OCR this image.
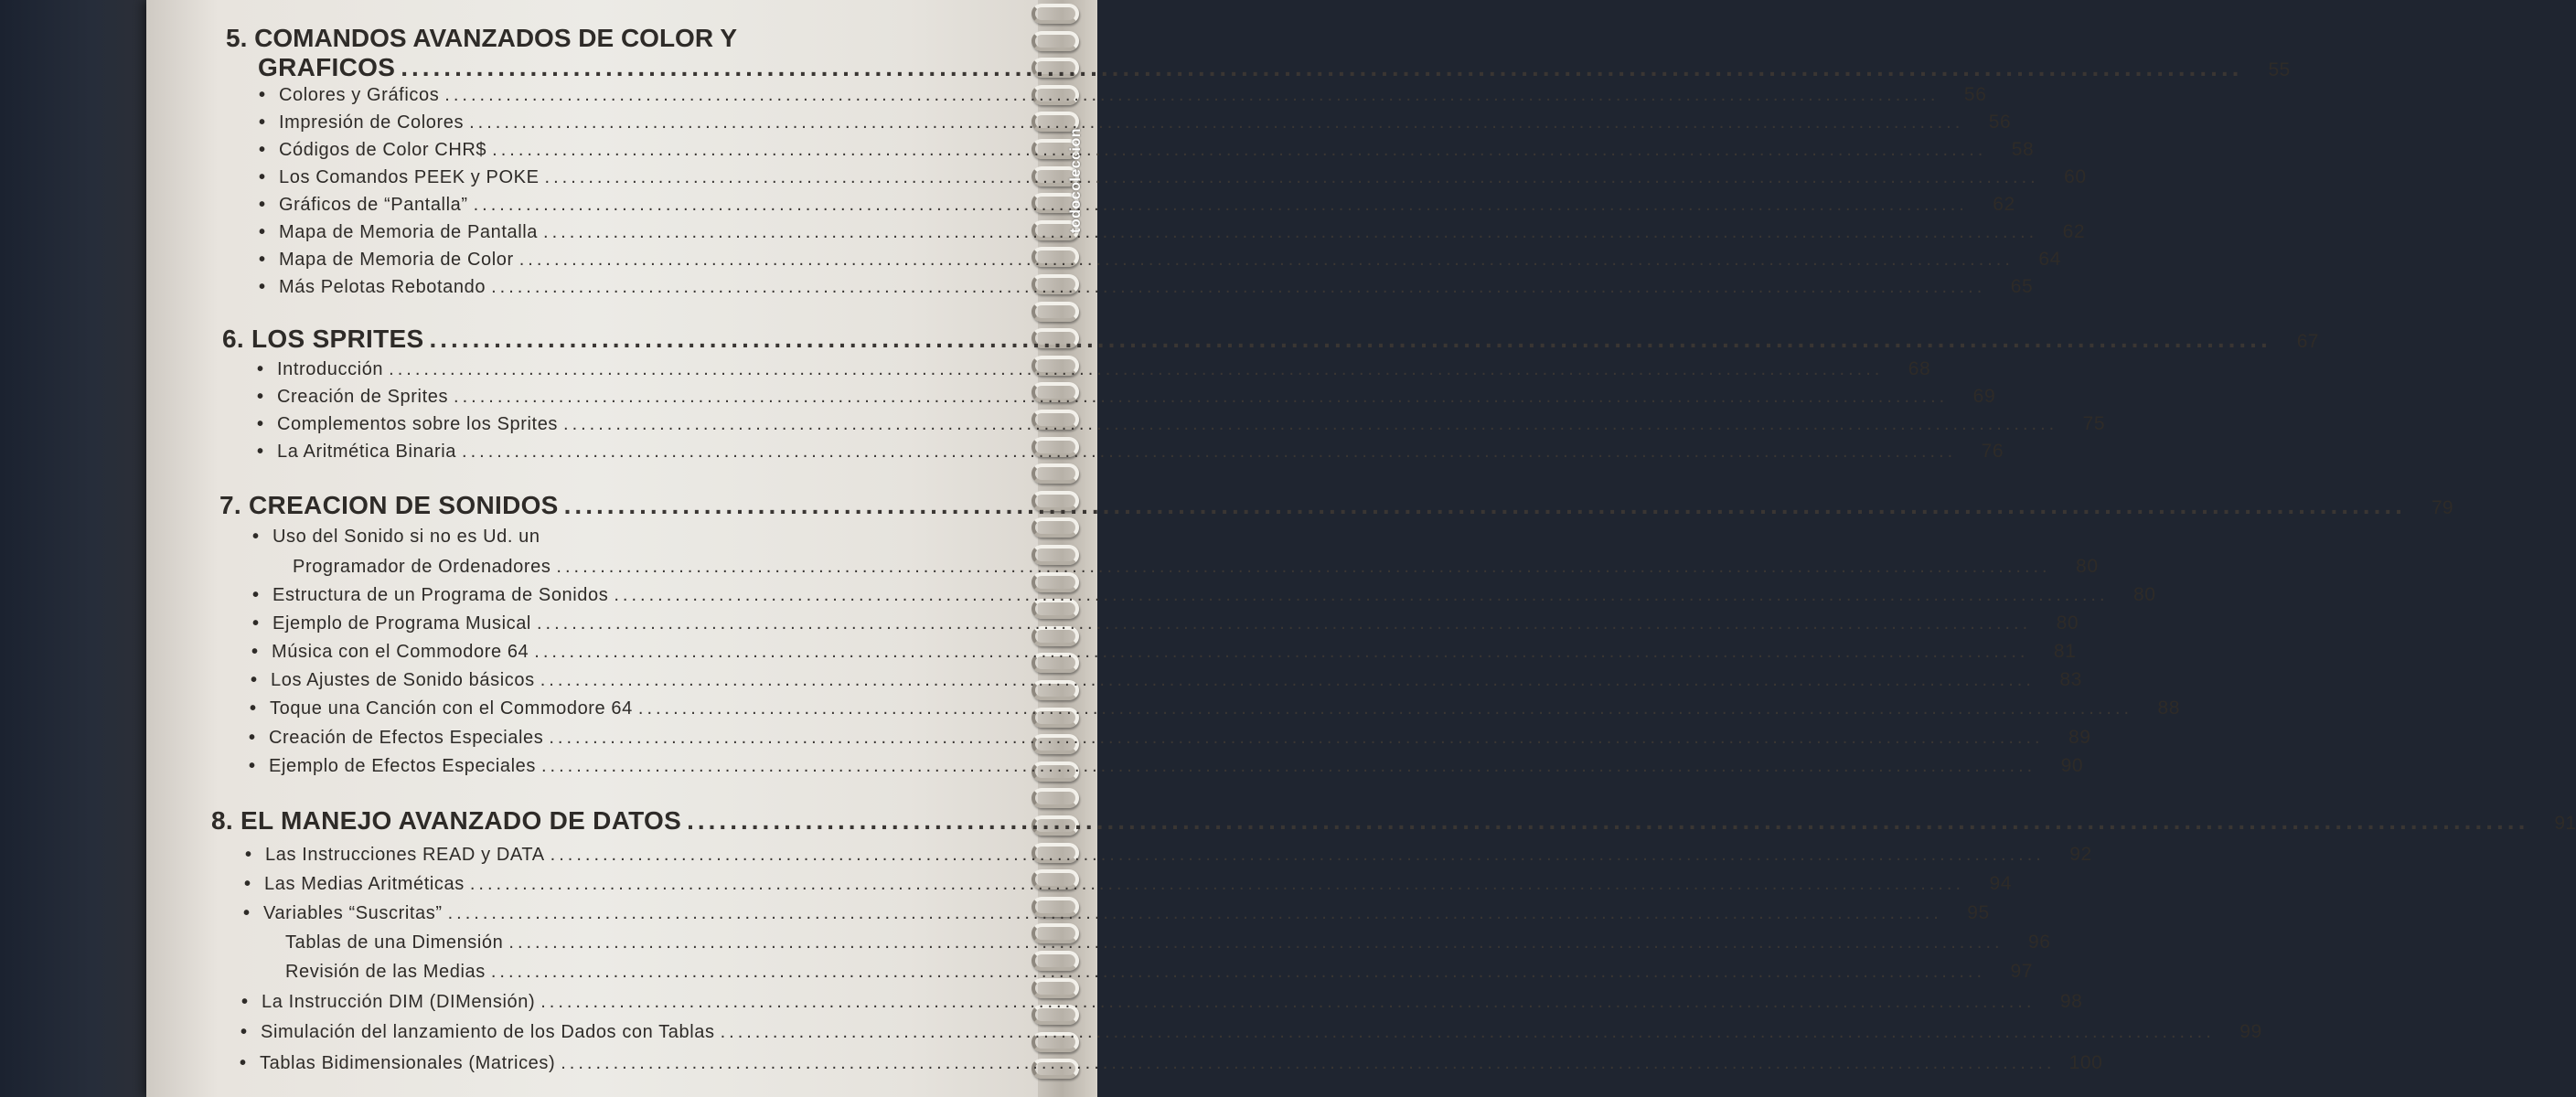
todocoleccion
5. COMANDOS AVANZADOS DE COLOR Y
GRAFICOS ...........................................................................................................................................................................	55
• Colores y Gráficos ...........................................................................................................................................................................	56
• Impresión de Colores ...........................................................................................................................................................................	56
• Códigos de Color CHR$ ...........................................................................................................................................................................	58
• Los Comandos PEEK y POKE ...........................................................................................................................................................................	60
• Gráficos de “Pantalla” ...........................................................................................................................................................................	62
• Mapa de Memoria de Pantalla ...........................................................................................................................................................................	62
• Mapa de Memoria de Color ...........................................................................................................................................................................	64
• Más Pelotas Rebotando ...........................................................................................................................................................................	65
6. LOS SPRITES ...........................................................................................................................................................................	67
• Introducción ...........................................................................................................................................................................	68
• Creación de Sprites ...........................................................................................................................................................................	69
• Complementos sobre los Sprites ...........................................................................................................................................................................	75
• La Aritmética Binaria ...........................................................................................................................................................................	76
7. CREACION DE SONIDOS ...........................................................................................................................................................................	79
• Uso del Sonido si no es Ud. un
Programador de Ordenadores ...........................................................................................................................................................................	80
• Estructura de un Programa de Sonidos ...........................................................................................................................................................................	80
• Ejemplo de Programa Musical ...........................................................................................................................................................................	80
• Música con el Commodore 64 ...........................................................................................................................................................................	81
• Los Ajustes de Sonido básicos ...........................................................................................................................................................................	83
• Toque una Canción con el Commodore 64 ...........................................................................................................................................................................	88
• Creación de Efectos Especiales ...........................................................................................................................................................................	89
• Ejemplo de Efectos Especiales ...........................................................................................................................................................................	90
8. EL MANEJO AVANZADO DE DATOS ...........................................................................................................................................................................	91
• Las Instrucciones READ y DATA ...........................................................................................................................................................................	92
• Las Medias Aritméticas ...........................................................................................................................................................................	94
• Variables “Suscritas” ...........................................................................................................................................................................	95
Tablas de una Dimensión ...........................................................................................................................................................................	96
Revisión de las Medias ...........................................................................................................................................................................	97
• La Instrucción DIM (DIMensión) ...........................................................................................................................................................................	98
• Simulación del lanzamiento de los Dados con Tablas ...........................................................................................................................................................................	99
• Tablas Bidimensionales (Matrices) ........................................................................................................................................................................... 100
